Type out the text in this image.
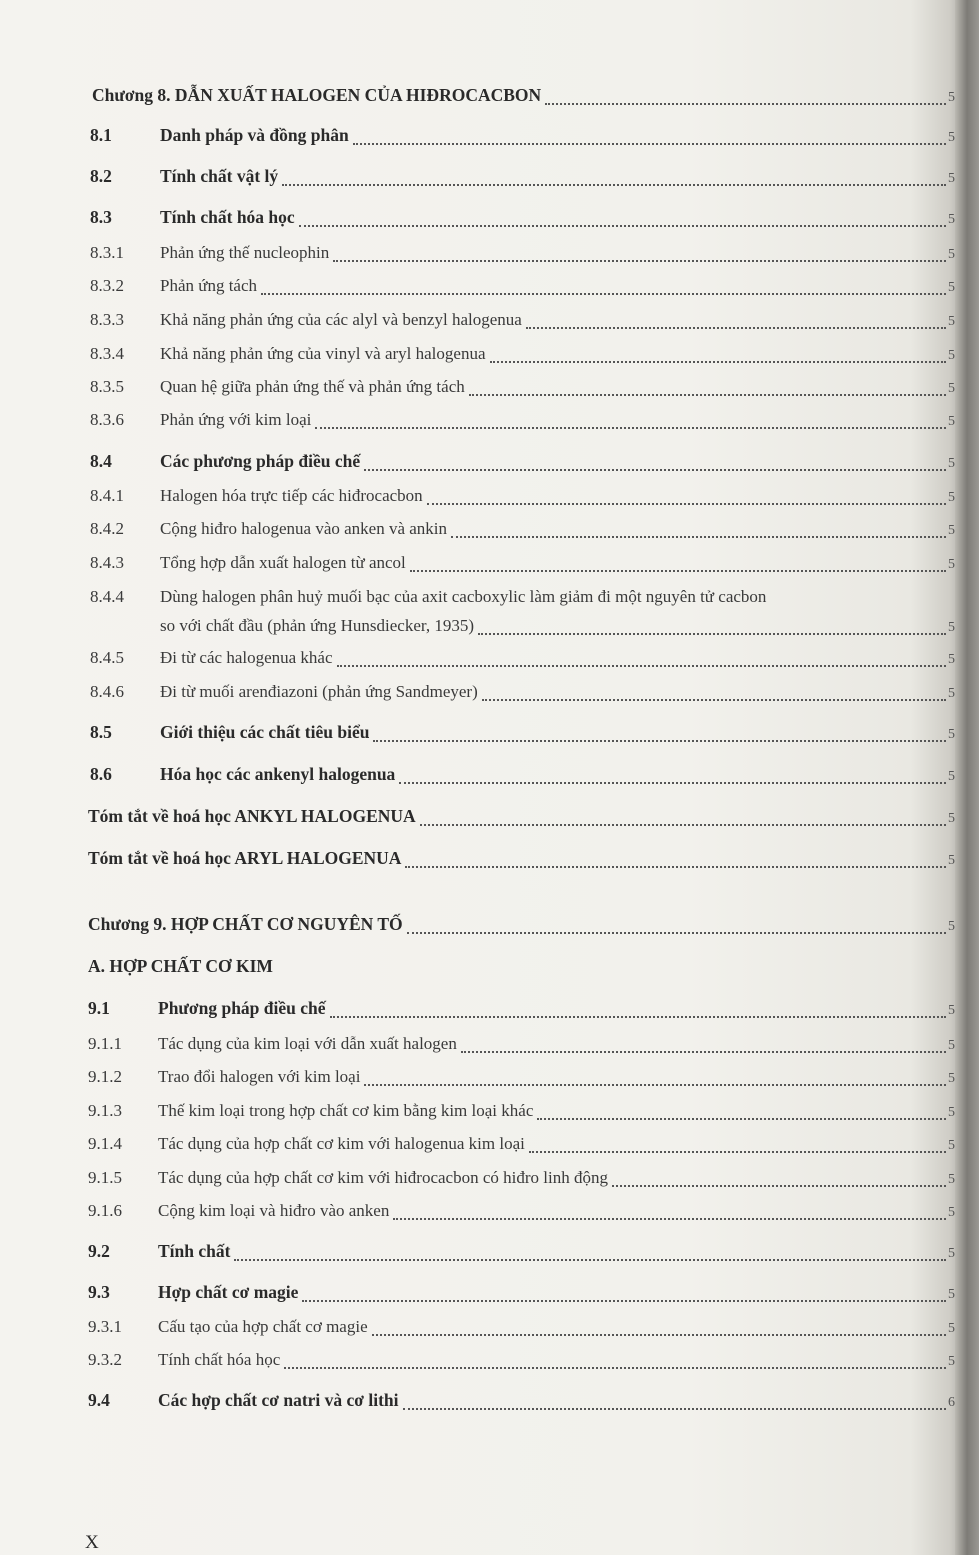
Chương 8. DẪN XUẤT HALOGEN CỦA HIĐROCACBON	5
8.1	Danh pháp và đồng phân	5
8.2	Tính chất vật lý	5
8.3	Tính chất hóa học	5
8.3.1 Phản ứng thế nucleophin	5
8.3.2 Phản ứng tách	5
8.3.3 Khả năng phản ứng của các alyl và benzyl halogenua	5
8.3.4 Khả năng phản ứng của vinyl và aryl halogenua	5
8.3.5 Quan hệ giữa phản ứng thế và phản ứng tách	5
8.3.6 Phản ứng với kim loại	5
8.4	Các phương pháp điều chế	5
8.4.1 Halogen hóa trực tiếp các hiđrocacbon	5
8.4.2 Cộng hiđro halogenua vào anken và ankin	5
8.4.3 Tổng hợp dẫn xuất halogen từ ancol	5
8.4.4 Dùng halogen phân huỷ muối bạc của axit cacboxylic làm giảm đi một nguyên tử cacbon
so với chất đầu (phản ứng Hunsdiecker, 1935)	5
8.4.5 Đi từ các halogenua khác	5
8.4.6 Đi từ muối arenđiazoni (phản ứng Sandmeyer)	5
8.5	Giới thiệu các chất tiêu biểu	5
8.6	Hóa học các ankenyl halogenua	5
Tóm tắt về hoá học ANKYL HALOGENUA	5
Tóm tắt về hoá học ARYL HALOGENUA	5
Chương 9. HỢP CHẤT CƠ NGUYÊN TỐ	5
A. HỢP CHẤT CƠ KIM
9.1	Phương pháp điều chế	5
9.1.1 Tác dụng của kim loại với dẫn xuất halogen	5
9.1.2 Trao đổi halogen với kim loại	5
9.1.3 Thế kim loại trong hợp chất cơ kim bằng kim loại khác	5
9.1.4 Tác dụng của hợp chất cơ kim với halogenua kim loại	5
9.1.5 Tác dụng của hợp chất cơ kim với hiđrocacbon có hiđro linh động	5
9.1.6 Cộng kim loại và hiđro vào anken	5
9.2	Tính chất	5
9.3	Hợp chất cơ magie	5
9.3.1 Cấu tạo của hợp chất cơ magie	5
9.3.2 Tính chất hóa học	5
9.4	Các hợp chất cơ natri và cơ lithi	6
X
